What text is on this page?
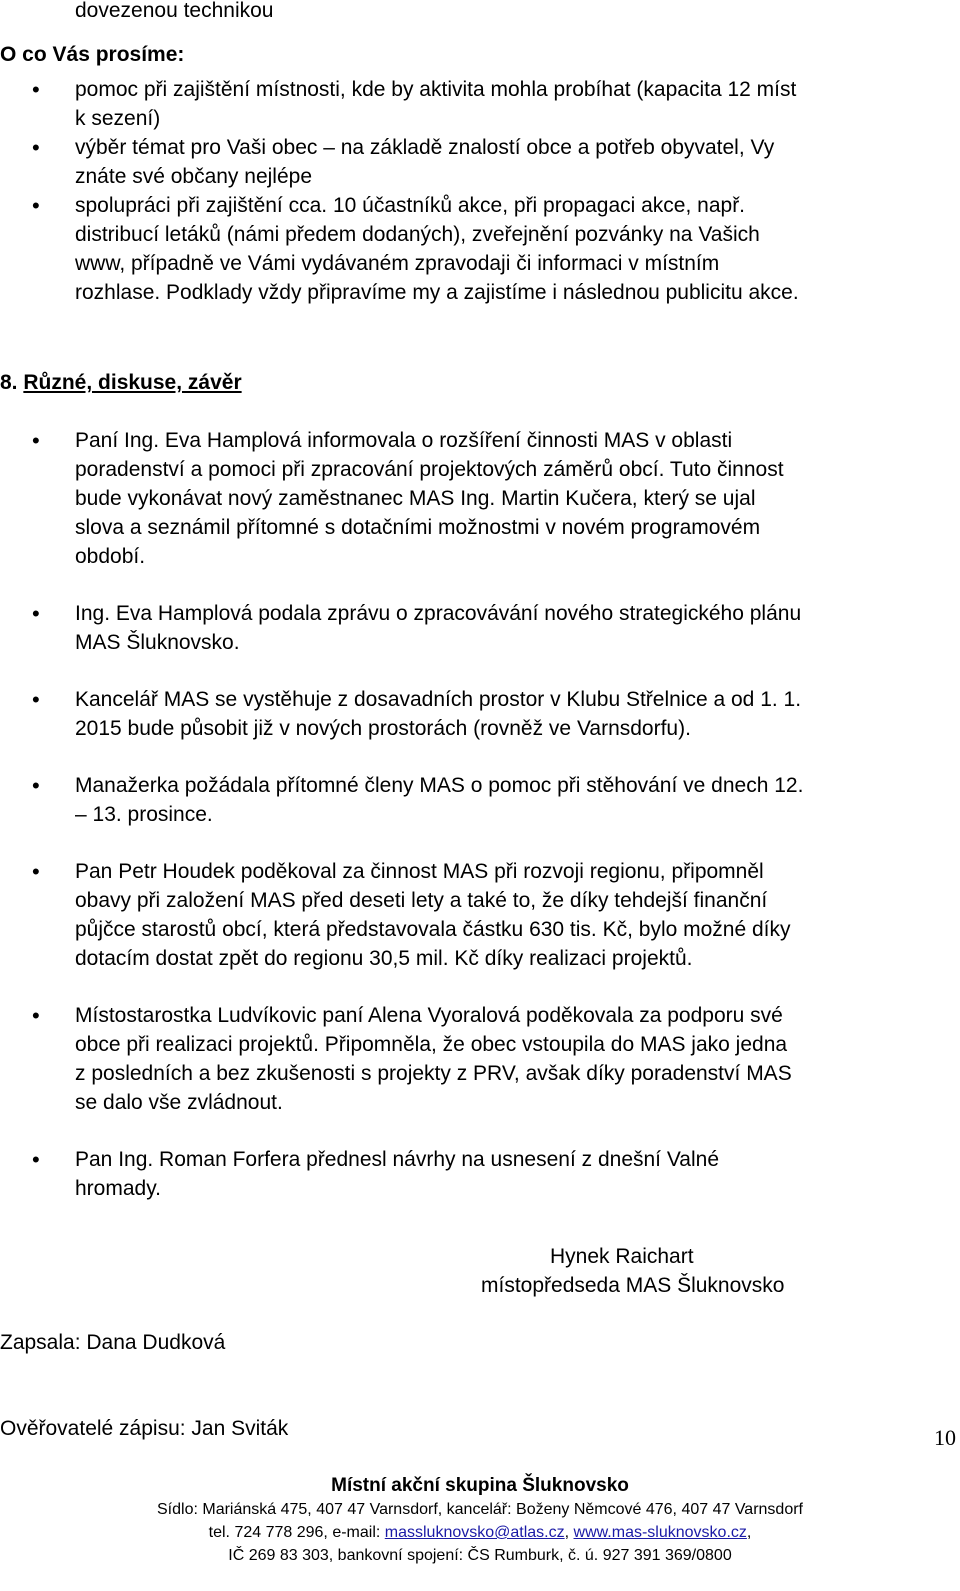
dovezenou technikou

O co Vás prosíme:

• • pomoc při zajištění místnosti, kde by aktivita mohla probíhat (kapacita 12 míst
k sezení)
• • výběr témat pro Vaši obec – na základě znalostí obce a potřeb obyvatel, Vy
znáte své občany nejlépe
• • spolupráci při zajištění cca. 10 účastníků akce, při propagaci akce, např.
distribucí letáků (námi předem dodaných), zveřejnění pozvánky na Vašich
www, případně ve Vámi vydávaném zpravodaji či informaci v místním
rozhlase. Podklady vždy připravíme my a zajistíme i následnou publicitu akce.

8. Různé, diskuse, závěr

• • Paní Ing. Eva Hamplová informovala o rozšíření činnosti MAS v oblasti
poradenství a pomoci při zpracování projektových záměrů obcí. Tuto činnost
bude vykonávat nový zaměstnanec MAS Ing. Martin Kučera, který se ujal
slova a seznámil přítomné s dotačními možnostmi v novém programovém
období.
• • Ing. Eva Hamplová podala zprávu o zpracovávání nového strategického plánu
MAS Šluknovsko.
• • Kancelář MAS se vystěhuje z dosavadních prostor v Klubu Střelnice a od 1. 1.
2015 bude působit již v nových prostorách (rovněž ve Varnsdorfu).
• • Manažerka požádala přítomné členy MAS o pomoc při stěhování ve dnech 12.
– 13. prosince.
• • Pan Petr Houdek poděkoval za činnost MAS při rozvoji regionu, připomněl
obavy při založení MAS před deseti lety a také to, že díky tehdejší finanční
půjčce starostů obcí, která představovala částku 630 tis. Kč, bylo možné díky
dotacím dostat zpět do regionu 30,5 mil. Kč díky realizaci projektů.
• • Místostarostka Ludvíkovic paní Alena Vyoralová poděkovala za podporu své
obce při realizaci projektů. Připomněla, že obec vstoupila do MAS jako jedna
z posledních a bez zkušenosti s projekty z PRV, avšak díky poradenství MAS
se dalo vše zvládnout.
• • Pan Ing. Roman Forfera přednesl návrhy na usnesení z dnešní Valné
hromady.

Hynek Raichart

místopředseda MAS Šluknovsko

Zapsala: Dana Dudková

Ověřovatelé zápisu: Jan Sviták	10
Místní akční skupina Šluknovsko
Sídlo: Mariánská 475, 407 47 Varnsdorf, kancelář: Boženy Němcové 476, 407 47 Varnsdorf
tel. 724 778 296, e-mail: massluknovsko@atlas.cz, www.mas-sluknovsko.cz,
IČ 269 83 303, bankovní spojení: ČS Rumburk, č. ú. 927 391 369/0800
